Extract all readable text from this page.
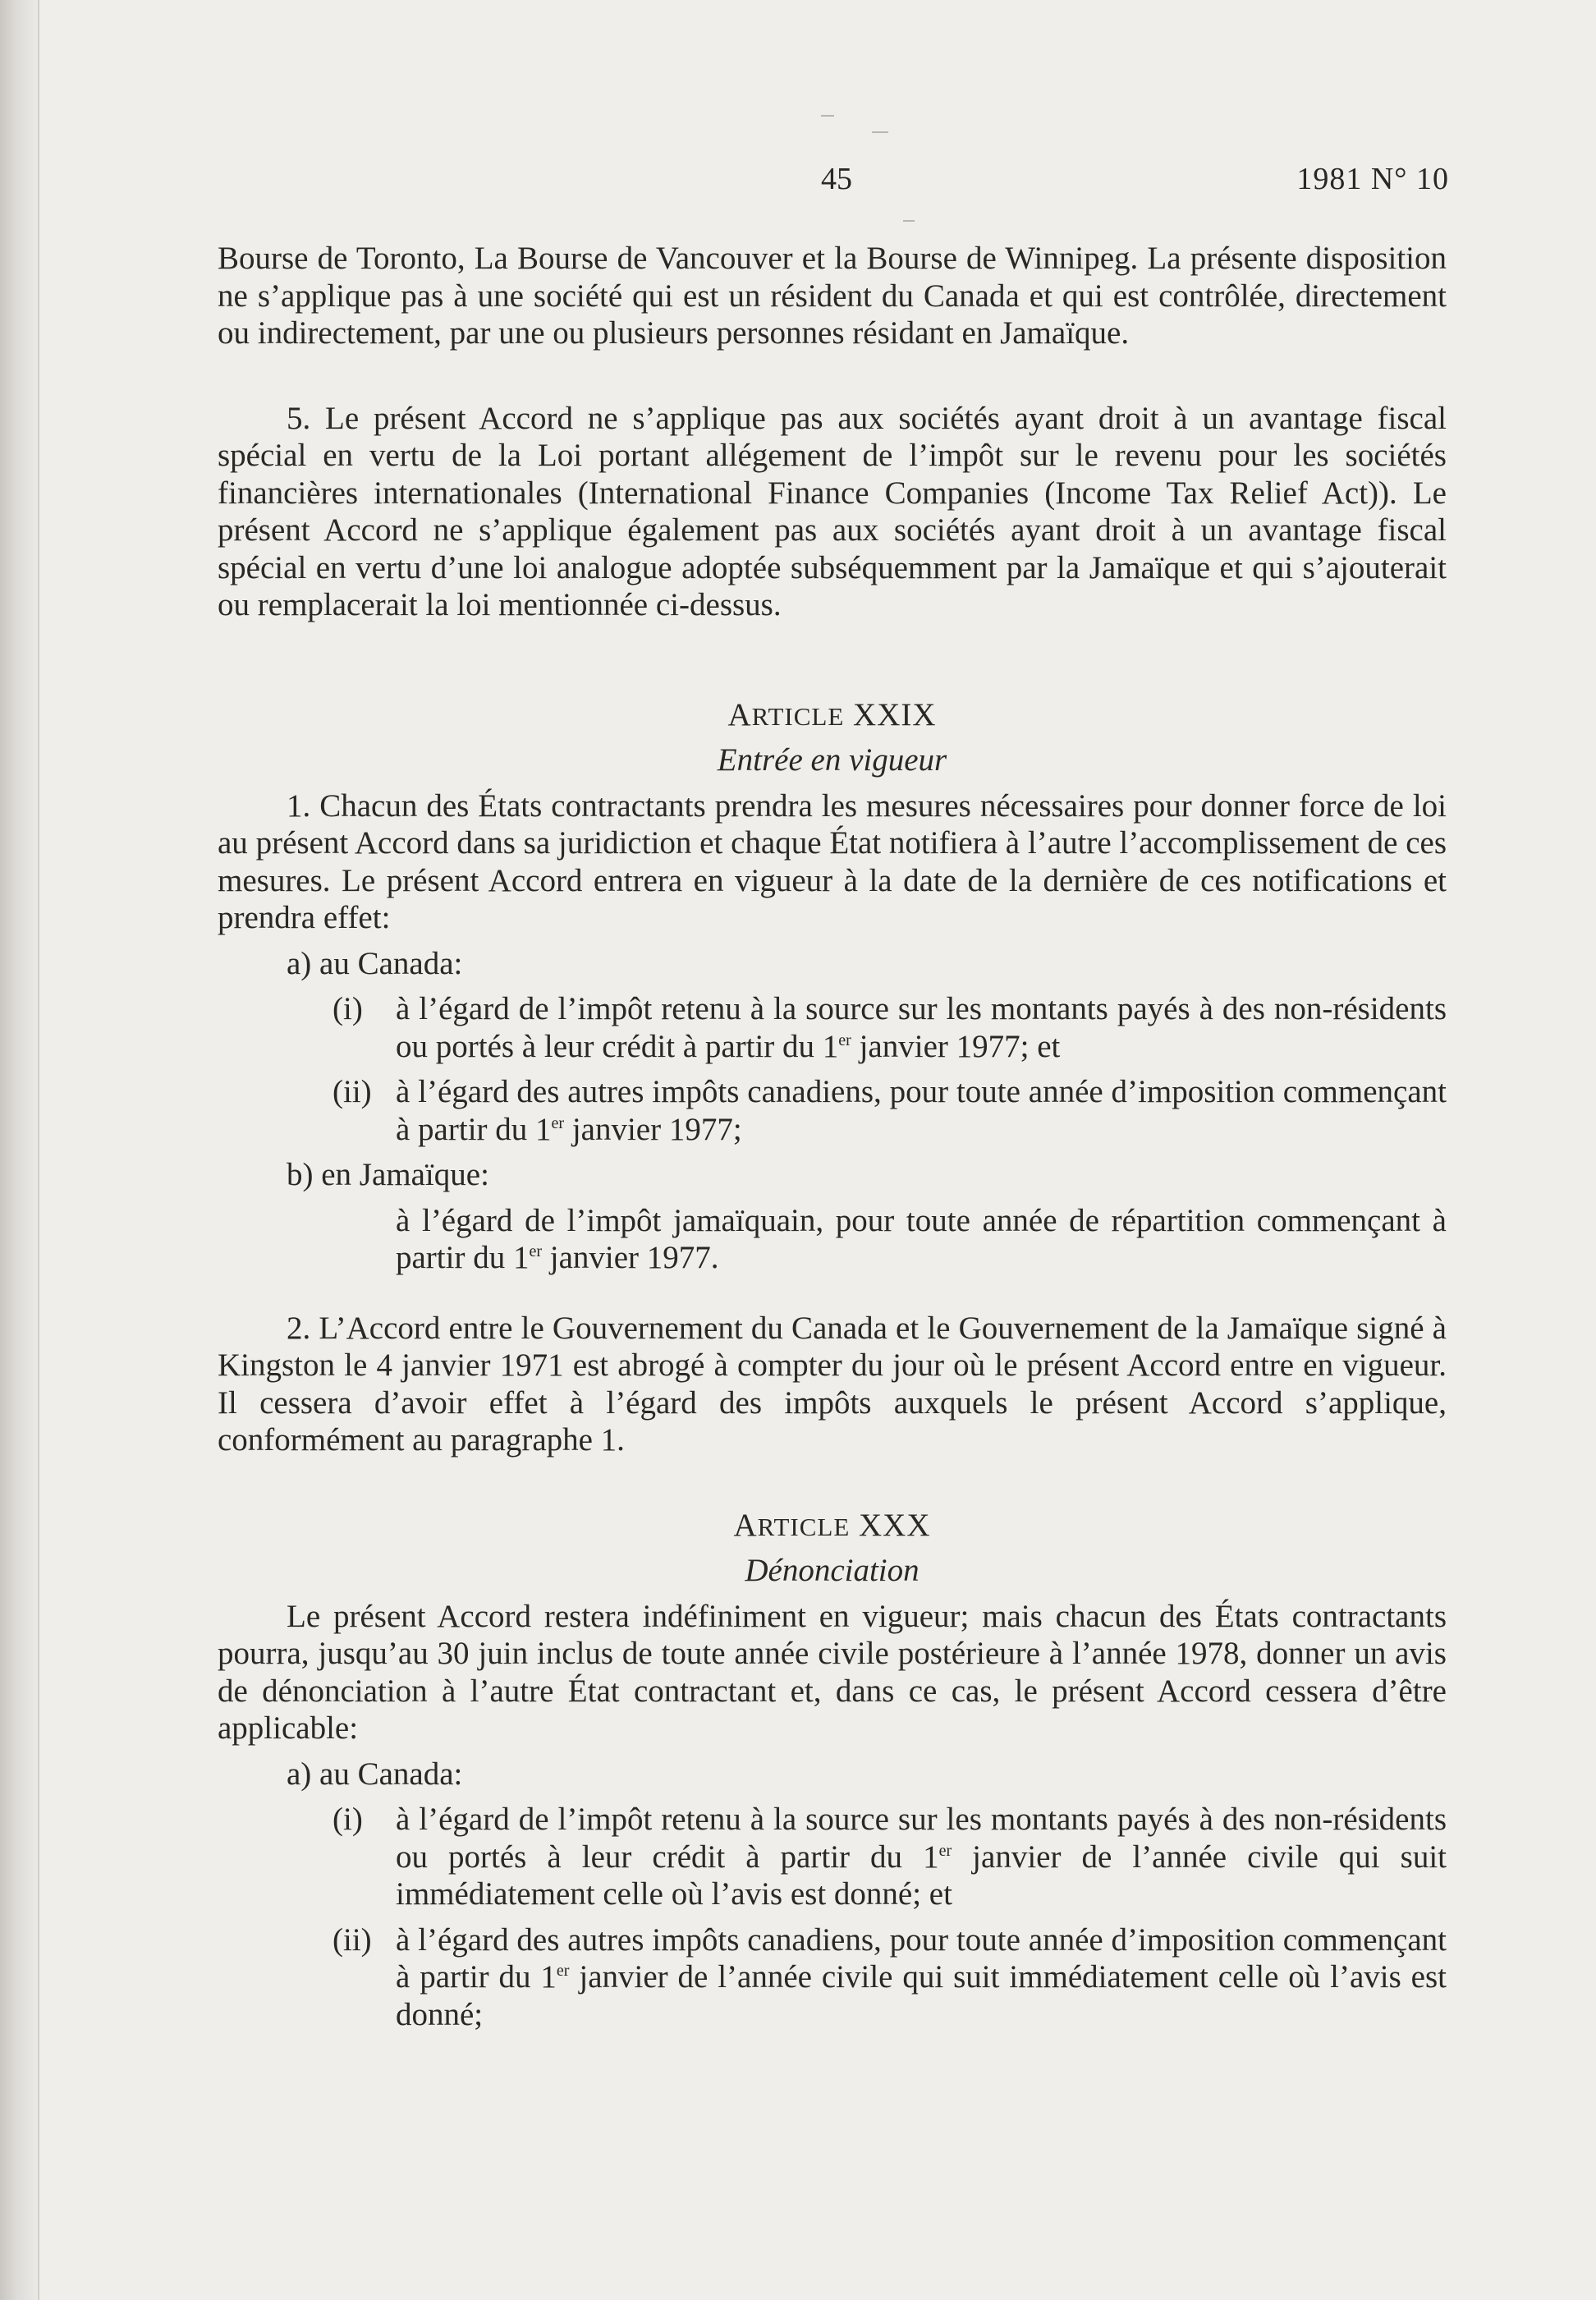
45	1981 N° 10

Bourse de Toronto, La Bourse de Vancouver et la Bourse de Winnipeg. La présente disposition ne s’applique pas à une société qui est un résident du Canada et qui est contrôlée, directement ou indirectement, par une ou plusieurs personnes résidant en Jamaïque.

5. Le présent Accord ne s’applique pas aux sociétés ayant droit à un avantage fiscal spécial en vertu de la Loi portant allégement de l’impôt sur le revenu pour les sociétés financières internationales (International Finance Companies (Income Tax Relief Act)). Le présent Accord ne s’applique également pas aux sociétés ayant droit à un avantage fiscal spécial en vertu d’une loi analogue adoptée subséquemment par la Jamaïque et qui s’ajouterait ou remplacerait la loi mentionnée ci-dessus.

ARTICLE XXIX

Entrée en vigueur

1. Chacun des États contractants prendra les mesures nécessaires pour donner force de loi au présent Accord dans sa juridiction et chaque État notifiera à l’autre l’accomplissement de ces mesures. Le présent Accord entrera en vigueur à la date de la dernière de ces notifications et prendra effet:

a) au Canada:

(i) à l’égard de l’impôt retenu à la source sur les montants payés à des non-résidents ou portés à leur crédit à partir du 1er janvier 1977; et

(ii) à l’égard des autres impôts canadiens, pour toute année d’imposition commençant à partir du 1er janvier 1977;

b) en Jamaïque:

à l’égard de l’impôt jamaïquain, pour toute année de répartition commençant à partir du 1er janvier 1977.

2. L’Accord entre le Gouvernement du Canada et le Gouvernement de la Jamaïque signé à Kingston le 4 janvier 1971 est abrogé à compter du jour où le présent Accord entre en vigueur. Il cessera d’avoir effet à l’égard des impôts auxquels le présent Accord s’applique, conformément au paragraphe 1.

ARTICLE XXX

Dénonciation

Le présent Accord restera indéfiniment en vigueur; mais chacun des États contractants pourra, jusqu’au 30 juin inclus de toute année civile postérieure à l’année 1978, donner un avis de dénonciation à l’autre État contractant et, dans ce cas, le présent Accord cessera d’être applicable:

a) au Canada:

(i) à l’égard de l’impôt retenu à la source sur les montants payés à des non-résidents ou portés à leur crédit à partir du 1er janvier de l’année civile qui suit immédiatement celle où l’avis est donné; et

(ii) à l’égard des autres impôts canadiens, pour toute année d’imposition commençant à partir du 1er janvier de l’année civile qui suit immédiatement celle où l’avis est donné;
